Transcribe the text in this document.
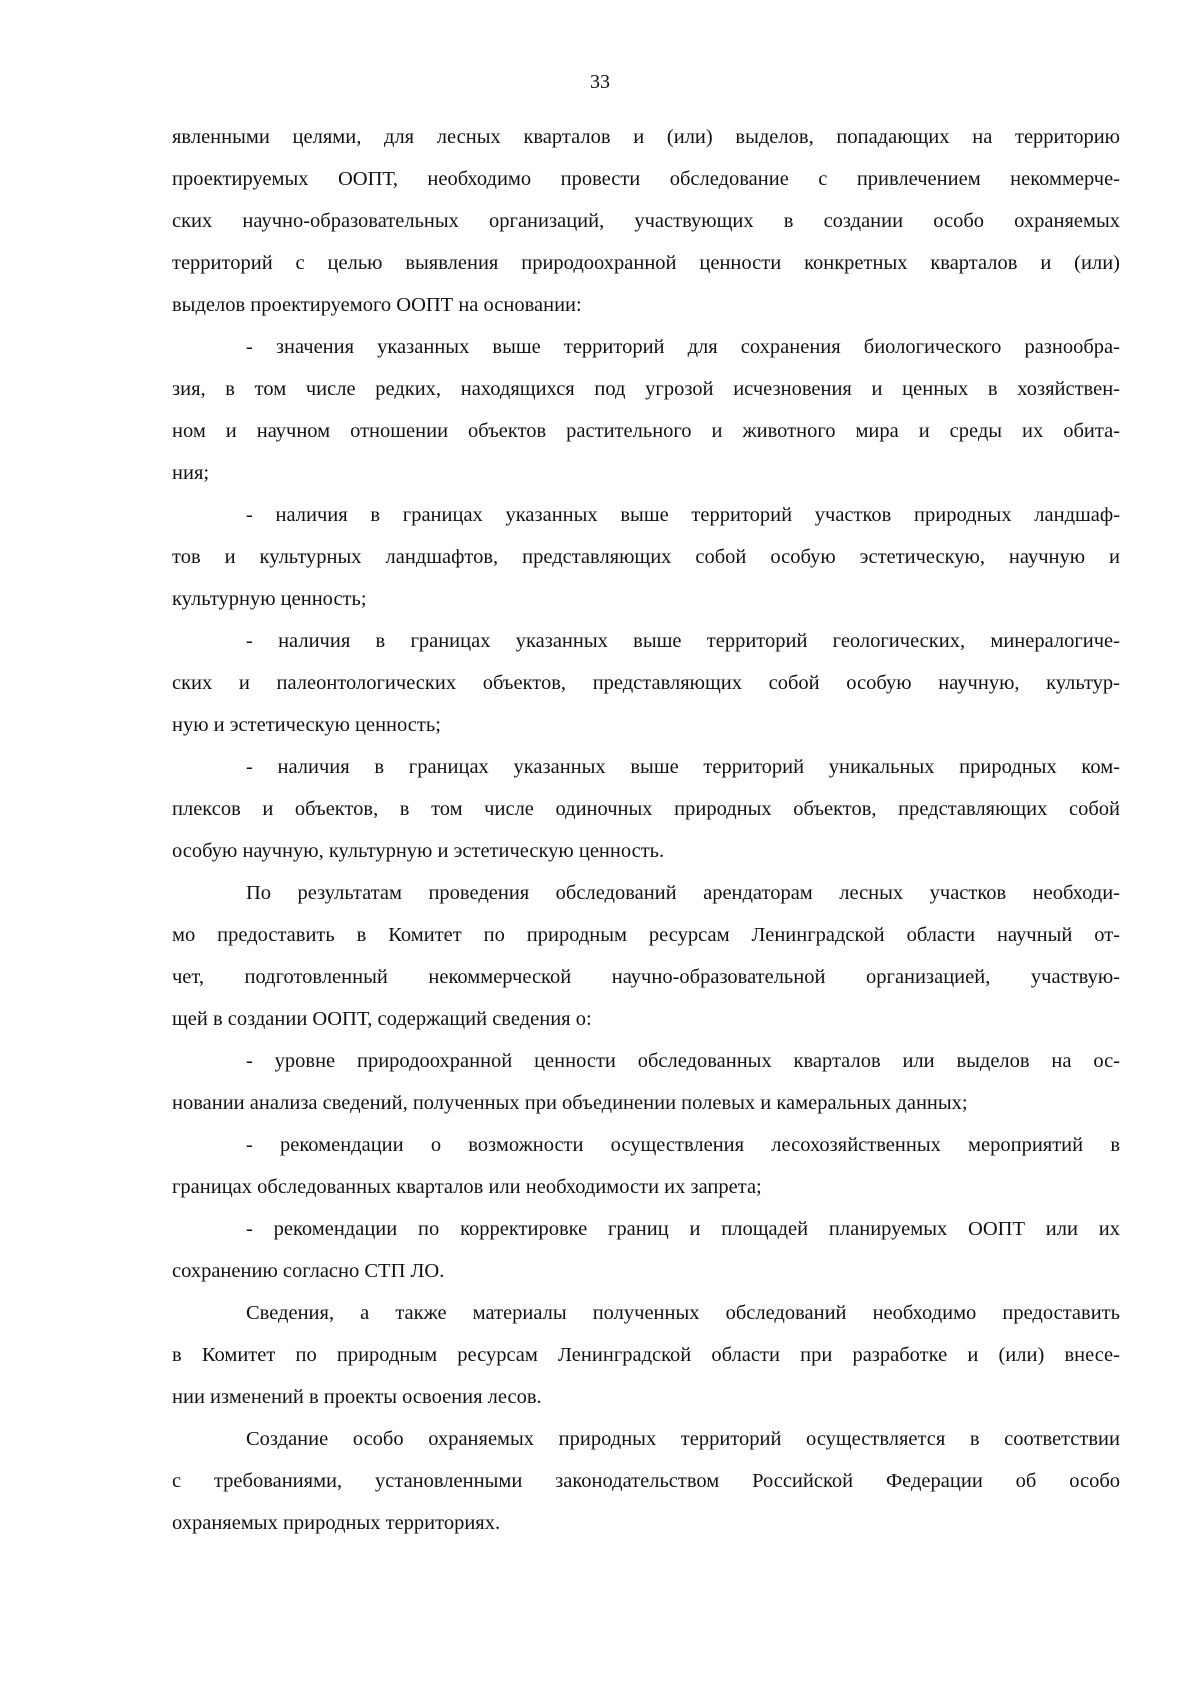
33
явленными целями, для лесных кварталов и (или) выделов, попадающих на территорию
проектируемых ООПТ, необходимо провести обследование с привлечением некоммерче-
ских научно-образовательных организаций, участвующих в создании особо охраняемых
территорий с целью выявления природоохранной ценности конкретных кварталов и (или)
выделов проектируемого ООПТ на основании:
- значения указанных выше территорий для сохранения биологического разнообра-
зия, в том числе редких, находящихся под угрозой исчезновения и ценных в хозяйствен-
ном и научном отношении объектов растительного и животного мира и среды их обита-
ния;
- наличия в границах указанных выше территорий участков природных ландшаф-
тов и культурных ландшафтов, представляющих собой особую эстетическую, научную и
культурную ценность;
- наличия в границах указанных выше территорий геологических, минералогиче-
ских и палеонтологических объектов, представляющих собой особую научную, культур-
ную и эстетическую ценность;
- наличия в границах указанных выше территорий уникальных природных ком-
плексов и объектов, в том числе одиночных природных объектов, представляющих собой
особую научную, культурную и эстетическую ценность.
По результатам проведения обследований арендаторам лесных участков необходи-
мо предоставить в Комитет по природным ресурсам Ленинградской области научный от-
чет, подготовленный некоммерческой научно-образовательной организацией, участвую-
щей в создании ООПТ, содержащий сведения о:
- уровне природоохранной ценности обследованных кварталов или выделов на ос-
новании анализа сведений, полученных при объединении полевых и камеральных данных;
- рекомендации о возможности осуществления лесохозяйственных мероприятий в
границах обследованных кварталов или необходимости их запрета;
- рекомендации по корректировке границ и площадей планируемых ООПТ или их
сохранению согласно СТП ЛО.
Сведения, а также материалы полученных обследований необходимо предоставить
в Комитет по природным ресурсам Ленинградской области при разработке и (или) внесе-
нии изменений в проекты освоения лесов.
Создание особо охраняемых природных территорий осуществляется в соответствии
с требованиями, установленными законодательством Российской Федерации об особо
охраняемых природных территориях.
